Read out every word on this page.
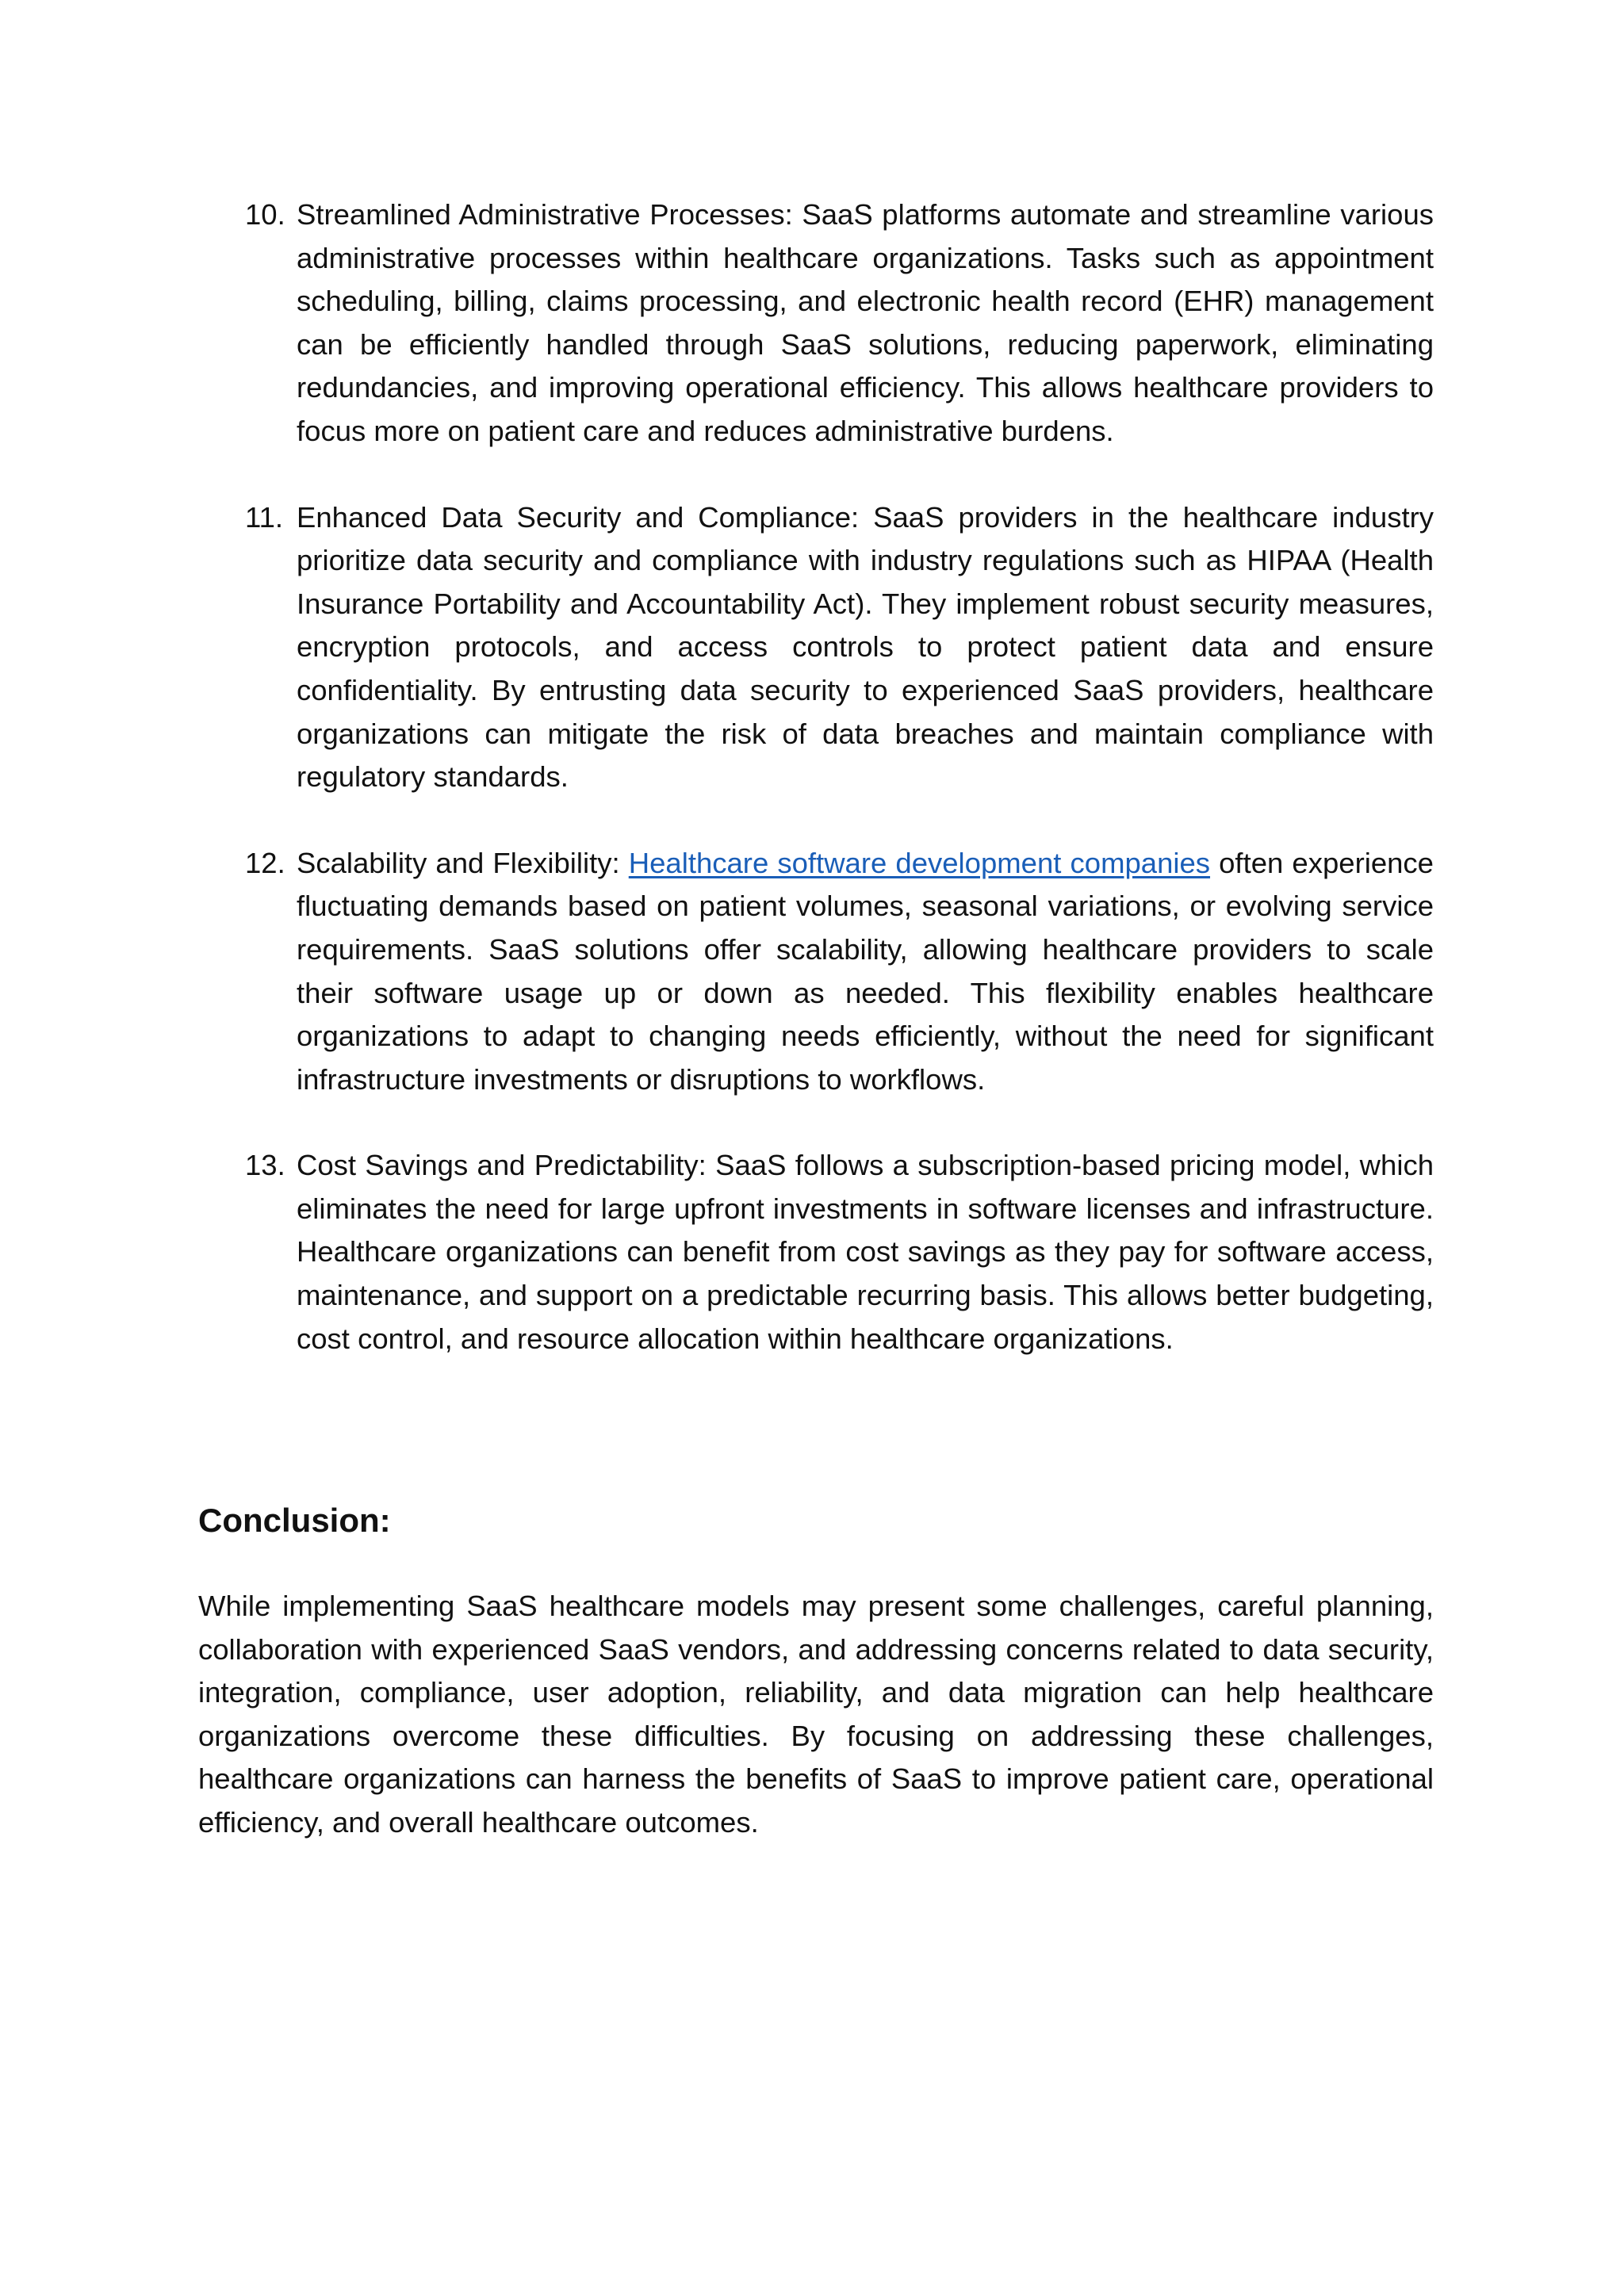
10. Streamlined Administrative Processes: SaaS platforms automate and streamline various administrative processes within healthcare organizations. Tasks such as appointment scheduling, billing, claims processing, and electronic health record (EHR) management can be efficiently handled through SaaS solutions, reducing paperwork, eliminating redundancies, and improving operational efficiency. This allows healthcare providers to focus more on patient care and reduces administrative burdens.
11. Enhanced Data Security and Compliance: SaaS providers in the healthcare industry prioritize data security and compliance with industry regulations such as HIPAA (Health Insurance Portability and Accountability Act). They implement robust security measures, encryption protocols, and access controls to protect patient data and ensure confidentiality. By entrusting data security to experienced SaaS providers, healthcare organizations can mitigate the risk of data breaches and maintain compliance with regulatory standards.
12. Scalability and Flexibility: Healthcare software development companies often experience fluctuating demands based on patient volumes, seasonal variations, or evolving service requirements. SaaS solutions offer scalability, allowing healthcare providers to scale their software usage up or down as needed. This flexibility enables healthcare organizations to adapt to changing needs efficiently, without the need for significant infrastructure investments or disruptions to workflows.
13. Cost Savings and Predictability: SaaS follows a subscription-based pricing model, which eliminates the need for large upfront investments in software licenses and infrastructure. Healthcare organizations can benefit from cost savings as they pay for software access, maintenance, and support on a predictable recurring basis. This allows better budgeting, cost control, and resource allocation within healthcare organizations.
Conclusion:

While implementing SaaS healthcare models may present some challenges, careful planning, collaboration with experienced SaaS vendors, and addressing concerns related to data security, integration, compliance, user adoption, reliability, and data migration can help healthcare organizations overcome these difficulties. By focusing on addressing these challenges, healthcare organizations can harness the benefits of SaaS to improve patient care, operational efficiency, and overall healthcare outcomes.
